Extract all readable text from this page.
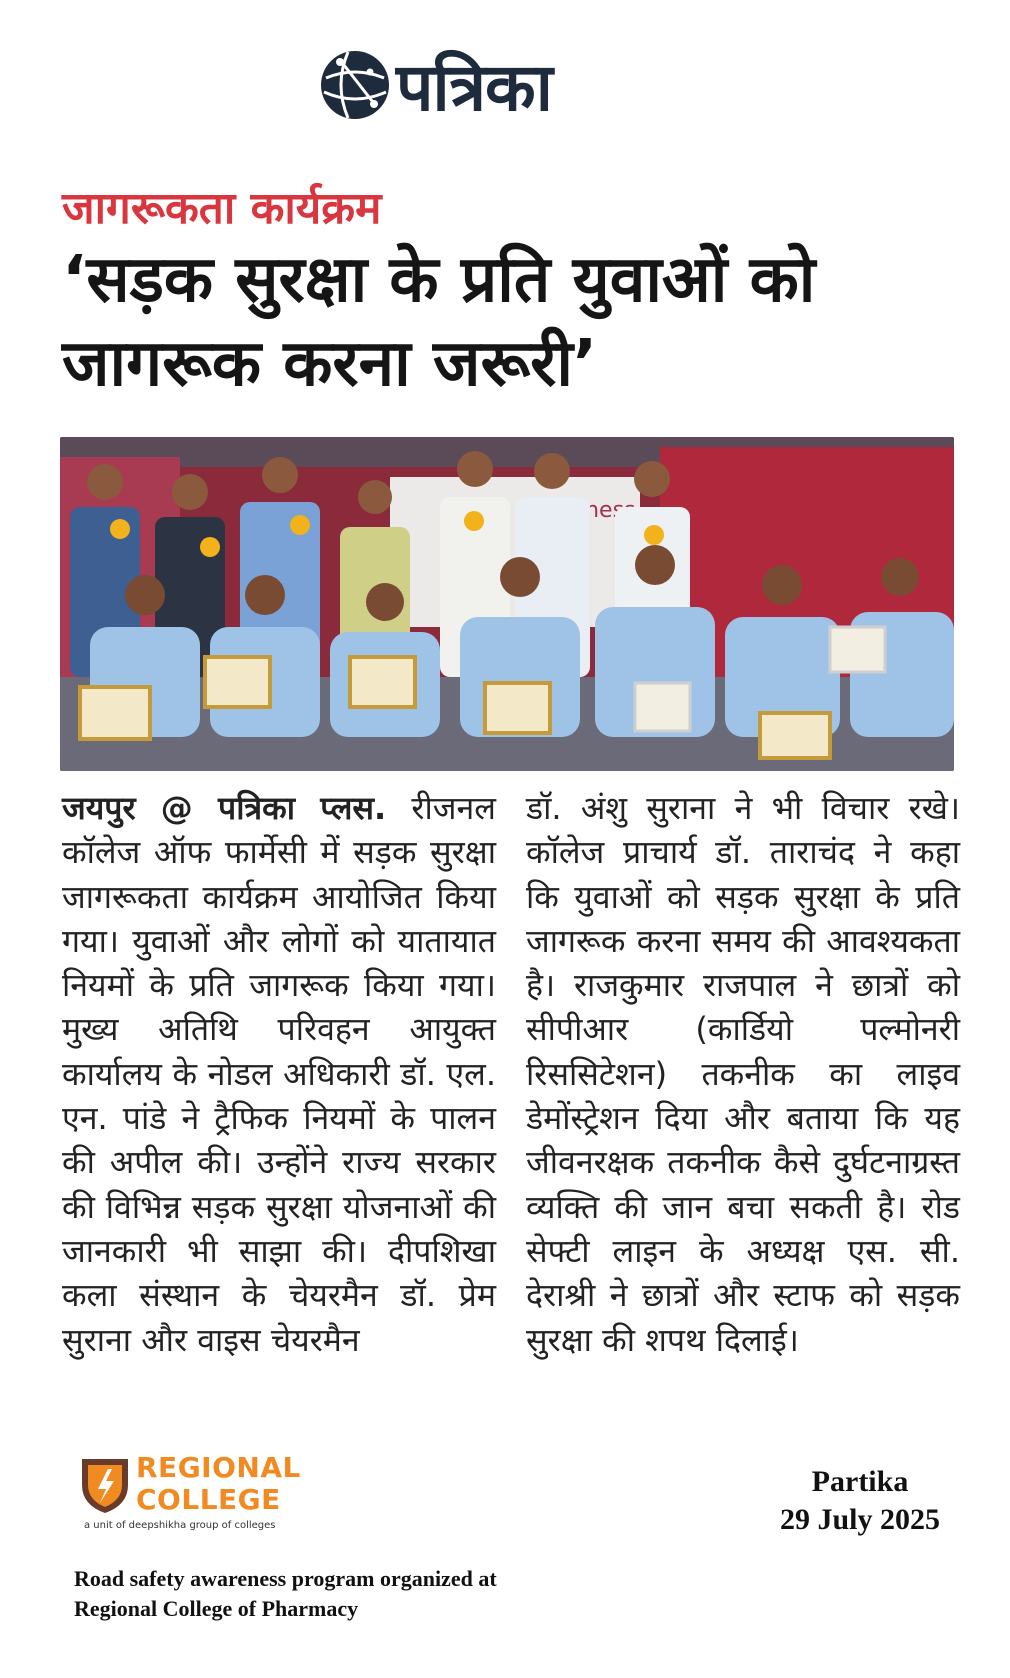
पत्रिका
जागरूकता कार्यक्रम
‘सड़क सुरक्षा के प्रति युवाओं को जागरूक करना जरूरी’
जयपुर @ पत्रिका प्लस. रीजनल कॉलेज ऑफ फार्मेसी में सड़क सुरक्षा जागरूकता कार्यक्रम आयोजित किया गया। युवाओं और लोगों को यातायात नियमों के प्रति जागरूक किया गया। मुख्य अतिथि परिवहन आयुक्त कार्यालय के नोडल अधिकारी डॉ. एल. एन. पांडे ने ट्रैफिक नियमों के पालन की अपील की। उन्होंने राज्य सरकार की विभिन्न सड़क सुरक्षा योजनाओं की जानकारी भी साझा की। दीपशिखा कला संस्थान के चेयरमैन डॉ. प्रेम सुराना और वाइस चेयरमैन
डॉ. अंशु सुराना ने भी विचार रखे। कॉलेज प्राचार्य डॉ. ताराचंद ने कहा कि युवाओं को सड़क सुरक्षा के प्रति जागरूक करना समय की आवश्यकता है। राजकुमार राजपाल ने छात्रों को सीपीआर (कार्डियो पल्मोनरी रिससिटेशन) तकनीक का लाइव डेमोंस्ट्रेशन दिया और बताया कि यह जीवनरक्षक तकनीक कैसे दुर्घटनाग्रस्त व्यक्ति की जान बचा सकती है। रोड सेफ्टी लाइन के अध्यक्ष एस. सी. देराश्री ने छात्रों और स्टाफ को सड़क सुरक्षा की शपथ दिलाई।
REGIONAL
COLLEGE
a unit of deepshikha group of colleges
Partika
29 July 2025
Road safety awareness program organized at
Regional College of Pharmacy
